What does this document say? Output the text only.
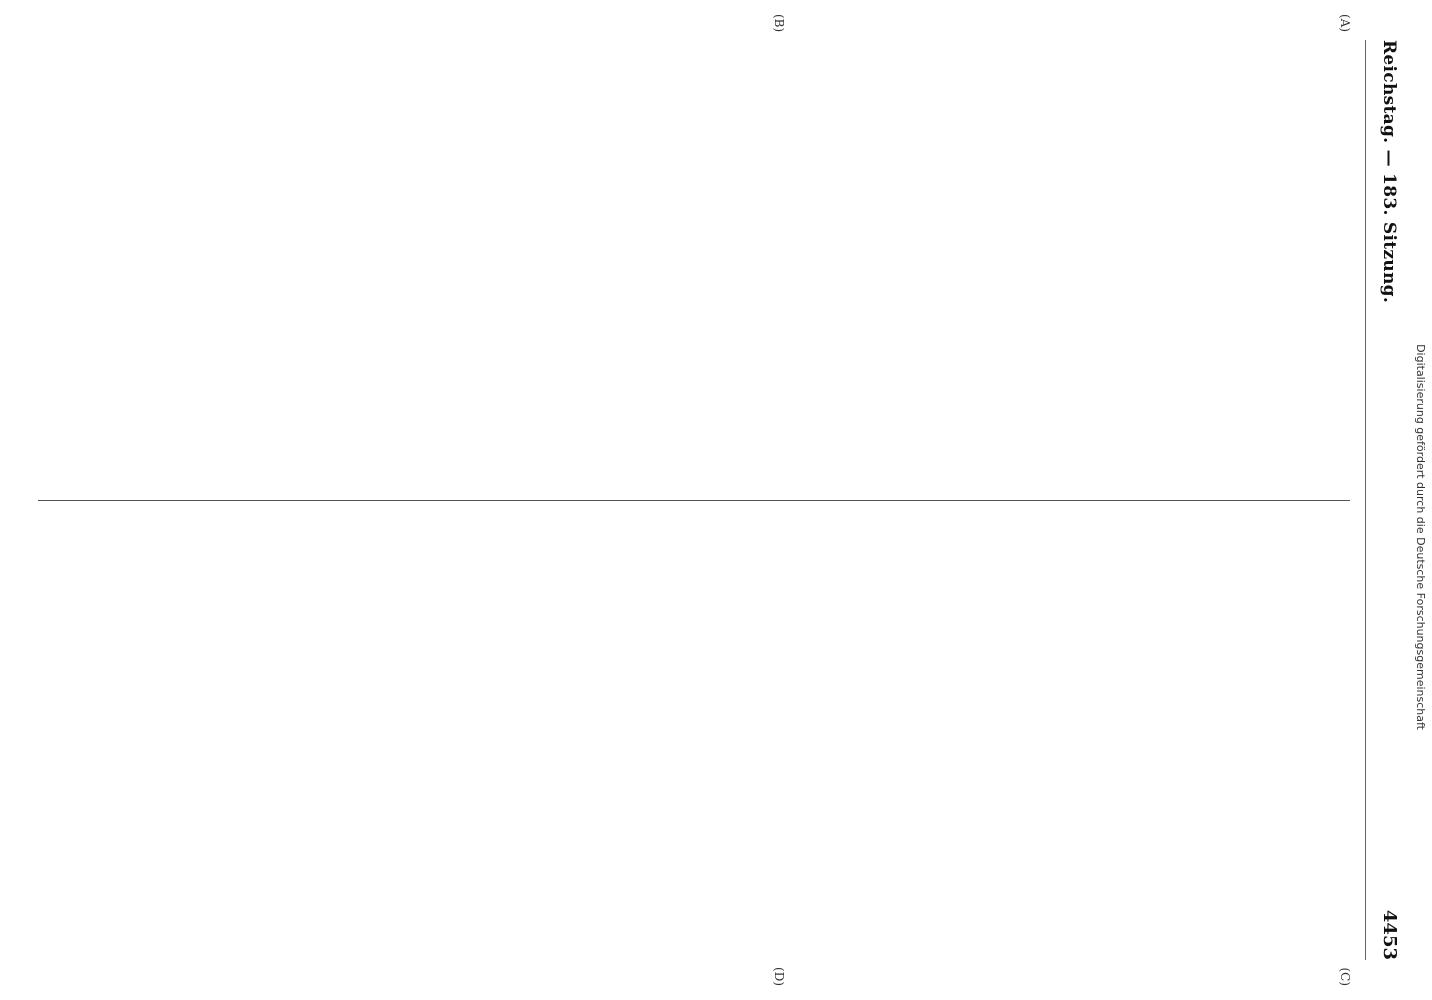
Reichstag. — 183. Sitzung.
4453
(A)
(B)
(C)
(D)
Digitalisierung gefördert durch die Deutsche Forschungsgemeinschaft
